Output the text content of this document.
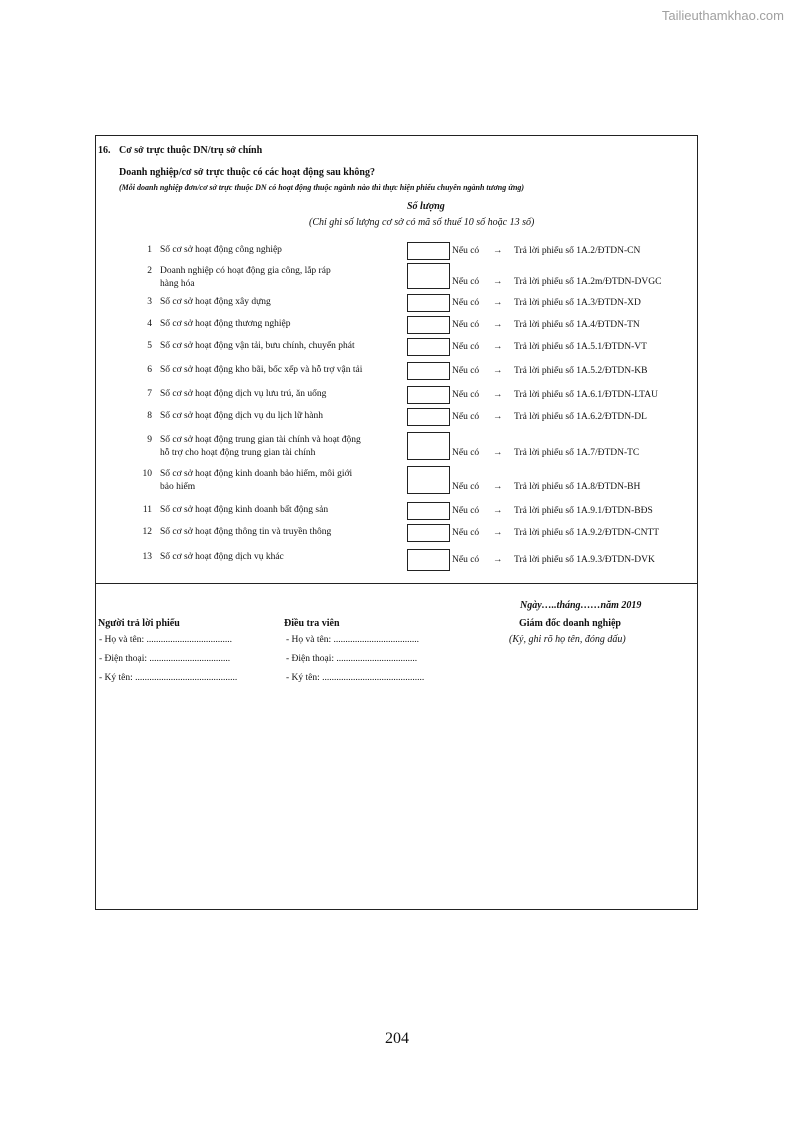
Tailieuthamkhao.com
16. Cơ sở trực thuộc DN/trụ sở chính
Doanh nghiệp/cơ sở trực thuộc có các hoạt động sau không?
(Mỗi doanh nghiệp đơn/cơ sở trực thuộc DN có hoạt động thuộc ngành nào thì thực hiện phiếu chuyên ngành tương ứng)
Số lượng
(Chỉ ghi số lượng cơ sở có mã số thuế 10 số hoặc 13 số)
1 Số cơ sở hoạt động công nghiệp	Nếu có → Trả lời phiếu số 1A.2/ĐTDN-CN
2 Doanh nghiệp có hoạt động gia công, lắp ráp
hàng hóa	Nếu có → Trả lời phiếu số 1A.2m/ĐTDN-DVGC
3 Số cơ sở hoạt động xây dựng	Nếu có → Trả lời phiếu số 1A.3/ĐTDN-XD
4 Số cơ sở hoạt động thương nghiệp	Nếu có → Trả lời phiếu số 1A.4/ĐTDN-TN
5 Số cơ sở hoạt động vận tải, bưu chính, chuyển phát	Nếu có → Trả lời phiếu số 1A.5.1/ĐTDN-VT
6 Số cơ sở hoạt động kho bãi, bốc xếp và hỗ trợ vận tải	Nếu có → Trả lời phiếu số 1A.5.2/ĐTDN-KB
7 Số cơ sở hoạt động dịch vụ lưu trú, ăn uống	Nếu có → Trả lời phiếu số 1A.6.1/ĐTDN-LTAU
8 Số cơ sở hoạt động dịch vụ du lịch lữ hành	Nếu có → Trả lời phiếu số 1A.6.2/ĐTDN-DL
9 Số cơ sở hoạt động trung gian tài chính và hoạt động
hỗ trợ cho hoạt động trung gian tài chính	Nếu có → Trả lời phiếu số 1A.7/ĐTDN-TC
10 Số cơ sở hoạt động kinh doanh bảo hiểm, môi giới
bảo hiểm	Nếu có → Trả lời phiếu số 1A.8/ĐTDN-BH
11 Số cơ sở hoạt động kinh doanh bất động sản	Nếu có → Trả lời phiếu số 1A.9.1/ĐTDN-BĐS
12 Số cơ sở hoạt động thông tin và truyền thông	Nếu có → Trả lời phiếu số 1A.9.2/ĐTDN-CNTT
13 Số cơ sở hoạt động dịch vụ khác	Nếu có → Trả lời phiếu số 1A.9.3/ĐTDN-DVK
Ngày…..tháng……năm 2019
Người trả lời phiếu
- Họ và tên: ....................................
- Điện thoại: ..................................
- Ký tên: ...........................................
Điều tra viên
- Họ và tên: ....................................
- Điện thoại: ..................................
- Ký tên: ...........................................
Giám đốc doanh nghiệp
(Ký, ghi rõ họ tên, đóng dấu)
204
